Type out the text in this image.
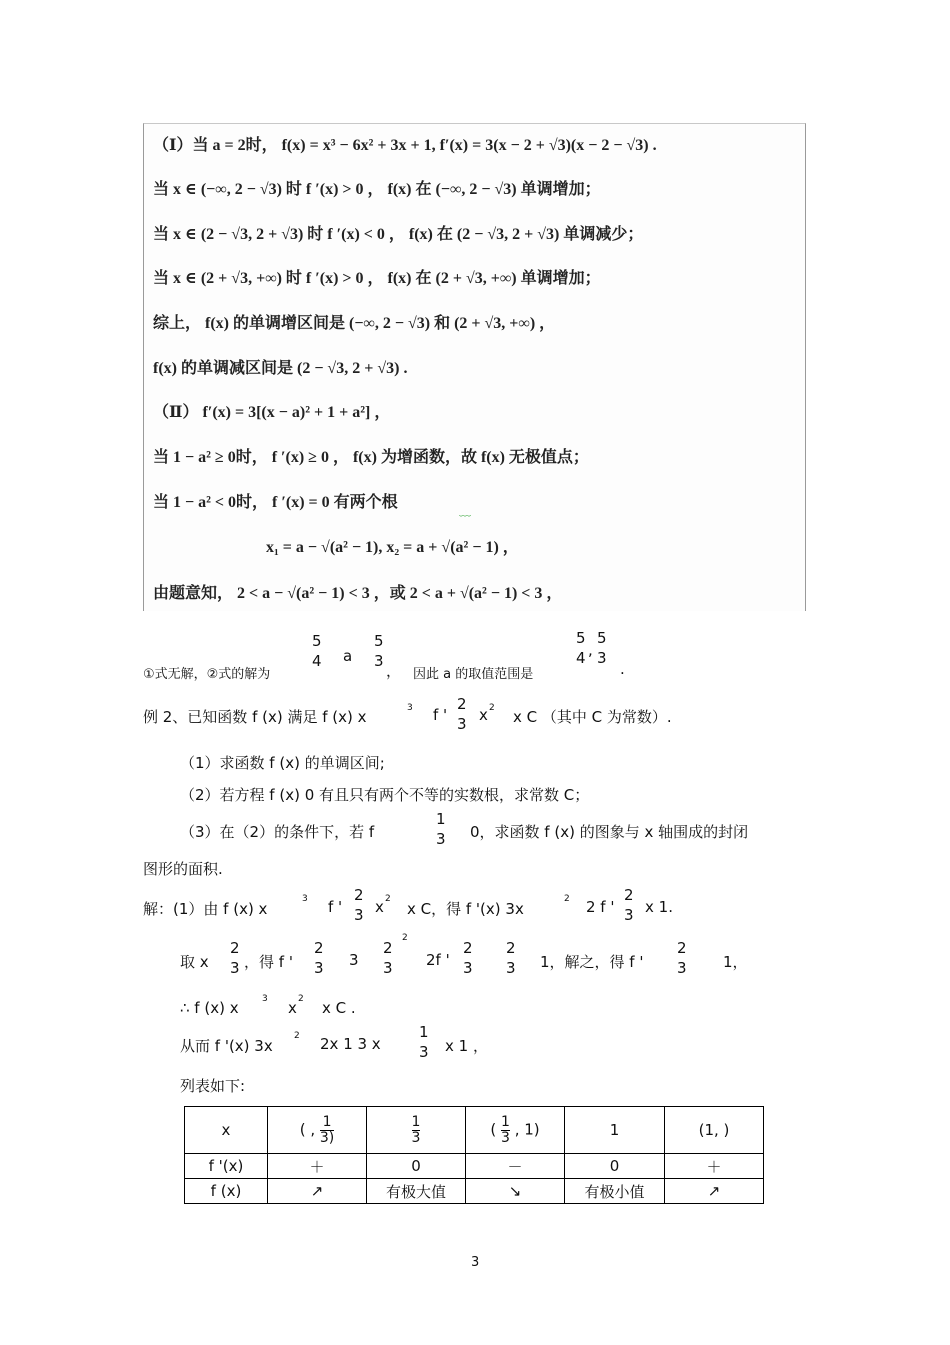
（Ⅰ）当 a = 2时， f(x) = x³ − 6x² + 3x + 1, f′(x) = 3(x − 2 + √3)(x − 2 − √3) .
当 x ∈ (−∞, 2 − √3) 时 f ′(x) > 0 ， f(x) 在 (−∞, 2 − √3) 单调增加；
当 x ∈ (2 − √3, 2 + √3) 时 f ′(x) < 0 ， f(x) 在 (2 − √3, 2 + √3) 单调减少；
当 x ∈ (2 + √3, +∞) 时 f ′(x) > 0 ， f(x) 在 (2 + √3, +∞) 单调增加；
综上， f(x) 的单调增区间是 (−∞, 2 − √3) 和 (2 + √3, +∞) ，
f(x) 的单调减区间是 (2 − √3, 2 + √3) .
（Ⅱ） f′(x) = 3[(x − a)² + 1 + a²] ，
当 1 − a² ≥ 0时， f ′(x) ≥ 0 ， f(x) 为增函数，故 f(x) 无极值点；
当 1 − a² < 0时， f ′(x) = 0 有两个根	﹏
x₁ = a − √(a² − 1), x₂ = a + √(a² − 1) ，
由题意知， 2 < a − √(a² − 1) < 3 ，或 2 < a + √(a² − 1) < 3 ，
①式无解，②式的解为
5
4 a
5
3
， 因此 a 的取值范围是
5
4 ,
5
3
.
例 2、已知函数 f (x) 满足 f (x) x	3 f '
2
3 x 2 x C （其中 C 为常数）.
（1）求函数 f (x) 的单调区间;
（2）若方程 f (x) 0 有且只有两个不等的实数根，求常数 C；
（3）在（2）的条件下，若 f
1
3 0，求函数 f (x) 的图象与 x 轴围成的封闭
图形的面积.
解：(1）由 f (x) x
3 f '
2
3 x 2
x C，得 f '(x) 3x
2 2 f '
2
3 x 1.
取 x
2
3 ，得 f '
2
3 3
2
3
2
2f '
2
3
2
3 1，解之，得 f '
2
3 1，
∴ f (x) x	3 x 2 x C .
从而 f '(x) 3x
2 2x 1 3 x
1
3 x 1 ，
列表如下:
x	( , $\frac{1}{3)}$	$\frac{1}{3}$	( $\frac{1}{3}$ , 1)	1	(1, )
f '(x)	＋	0	－	0	＋
f (x)	↗	有极大值	↘	有极小值	↗
3
